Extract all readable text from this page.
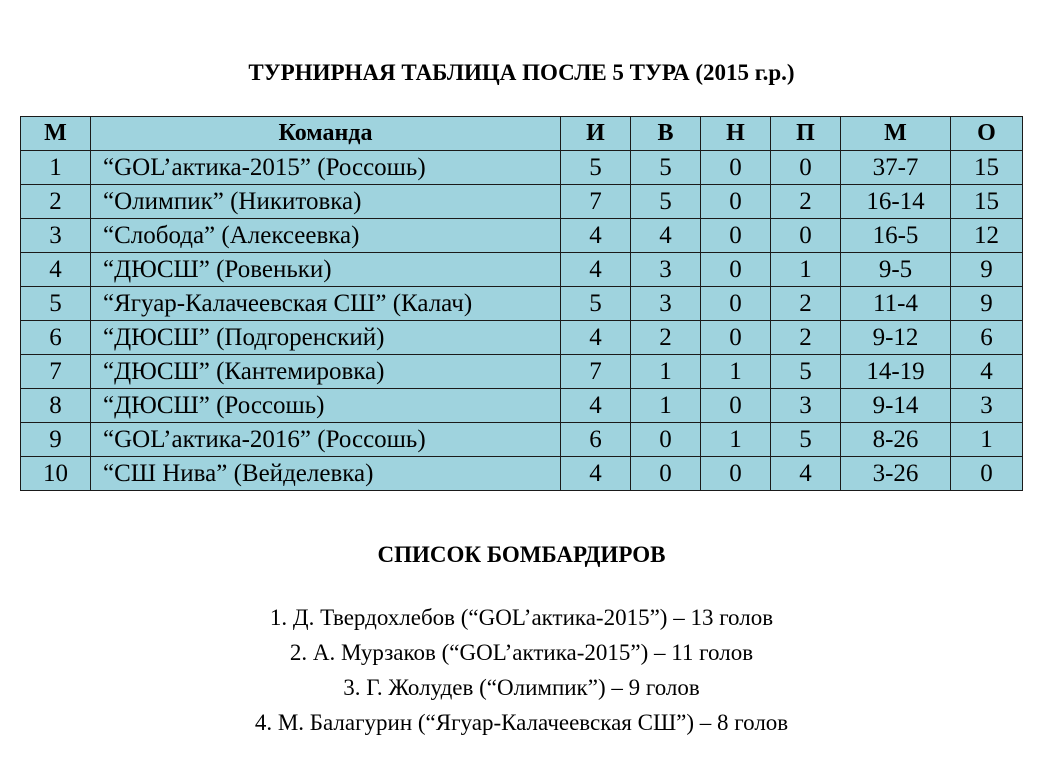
ТУРНИРНАЯ ТАБЛИЦА ПОСЛЕ 5 ТУРА (2015 г.р.)
М	Команда	И	В	Н	П	М	О
1	“GOL’актика-2015” (Россошь)	5	5	0	0	37-7	15
2	“Олимпик” (Никитовка)	7	5	0	2	16-14	15
3	“Слобода” (Алексеевка)	4	4	0	0	16-5	12
4	“ДЮСШ” (Ровеньки)	4	3	0	1	9-5	9
5	“Ягуар-Калачеевская СШ” (Калач)	5	3	0	2	11-4	9
6	“ДЮСШ” (Подгоренский)	4	2	0	2	9-12	6
7	“ДЮСШ” (Кантемировка)	7	1	1	5	14-19	4
8	“ДЮСШ” (Россошь)	4	1	0	3	9-14	3
9	“GOL’актика-2016” (Россошь)	6	0	1	5	8-26	1
10	“СШ Нива” (Вейделевка)	4	0	0	4	3-26	0
СПИСОК БОМБАРДИРОВ
1. Д. Твердохлебов (“GOL’актика-2015”) – 13 голов
2. А. Мурзаков (“GOL’актика-2015”) – 11 голов
3. Г. Жолудев (“Олимпик”) – 9 голов
4. М. Балагурин (“Ягуар-Калачеевская СШ”) – 8 голов
